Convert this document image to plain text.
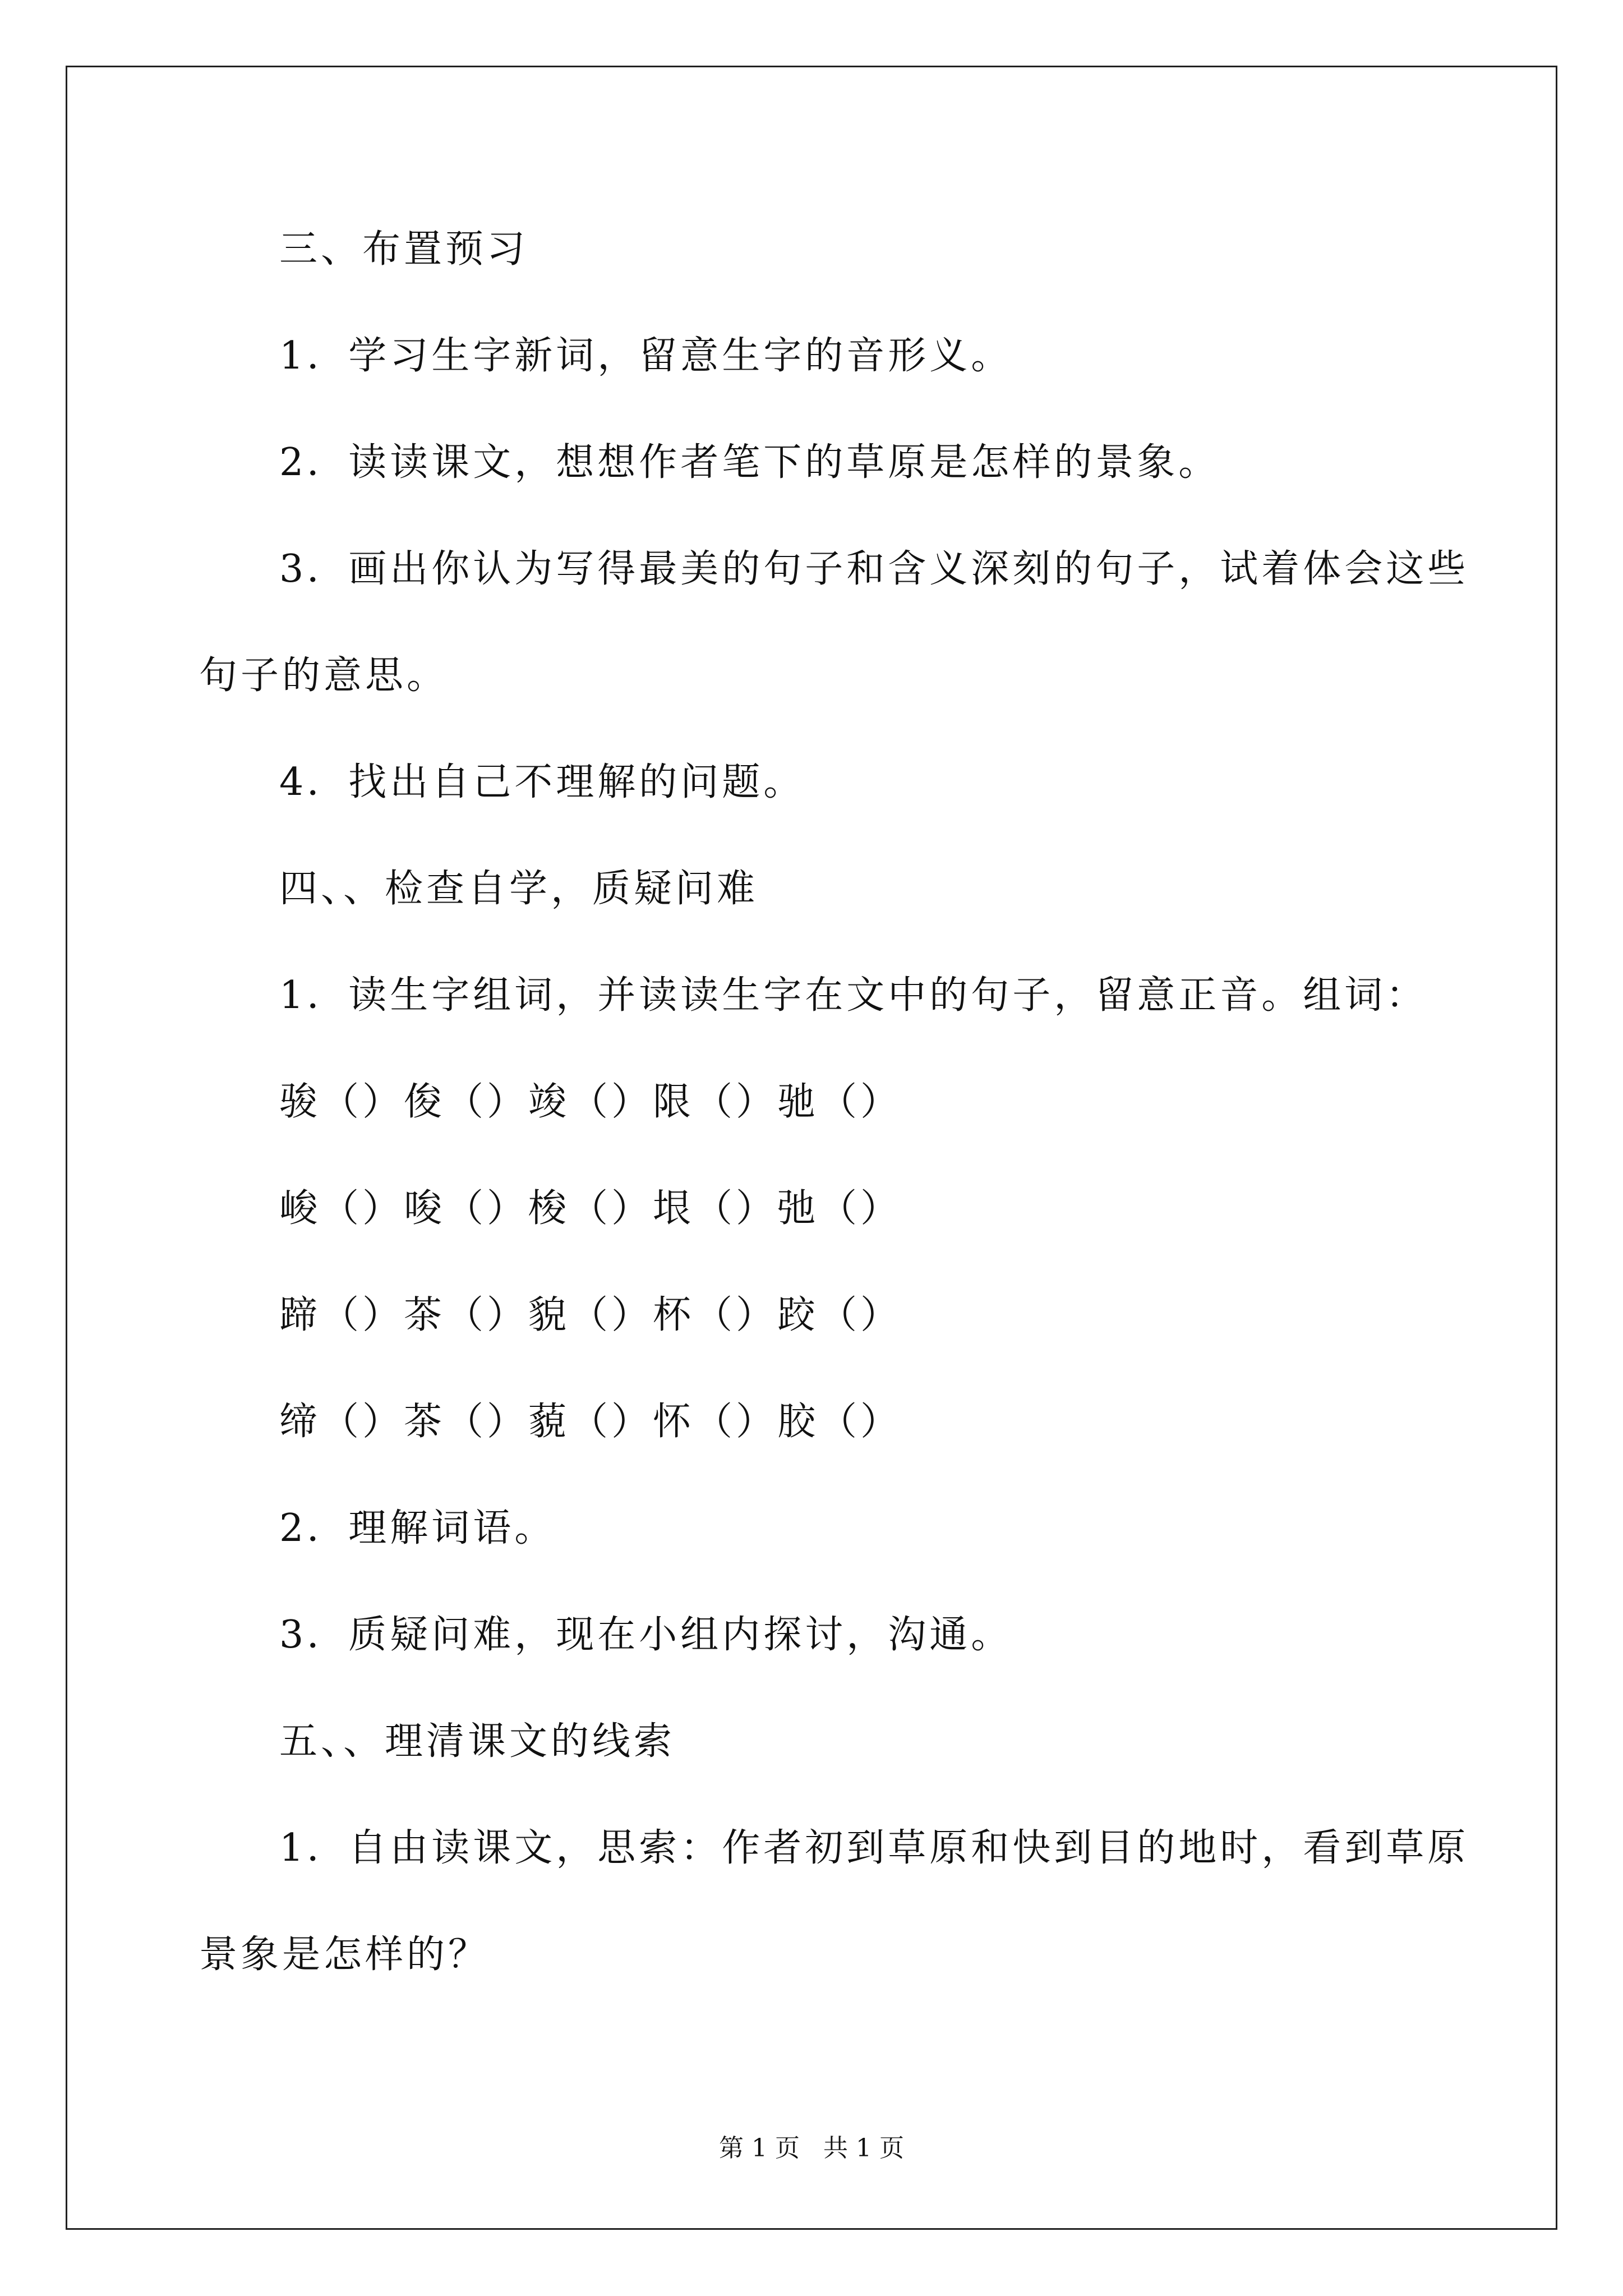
三、布置预习
1．学习生字新词，留意生字的音形义。
2．读读课文，想想作者笔下的草原是怎样的景象。
3．画出你认为写得最美的句子和含义深刻的句子，试着体会这些
句子的意思。
4．找出自己不理解的问题。
四、、检查自学，质疑问难
1．读生字组词，并读读生字在文中的句子，留意正音。组词：
骏（）俊（）竣（）限（）驰（）
峻（）唆（）梭（）垠（）弛（）
蹄（）茶（）貌（）杯（）跤（）
缔（）茶（）藐（）怀（）胶（）
2．理解词语。
3．质疑问难，现在小组内探讨，沟通。
五、、理清课文的线索
1．自由读课文，思索：作者初到草原和快到目的地时，看到草原
景象是怎样的？
第 1 页   共 1 页
